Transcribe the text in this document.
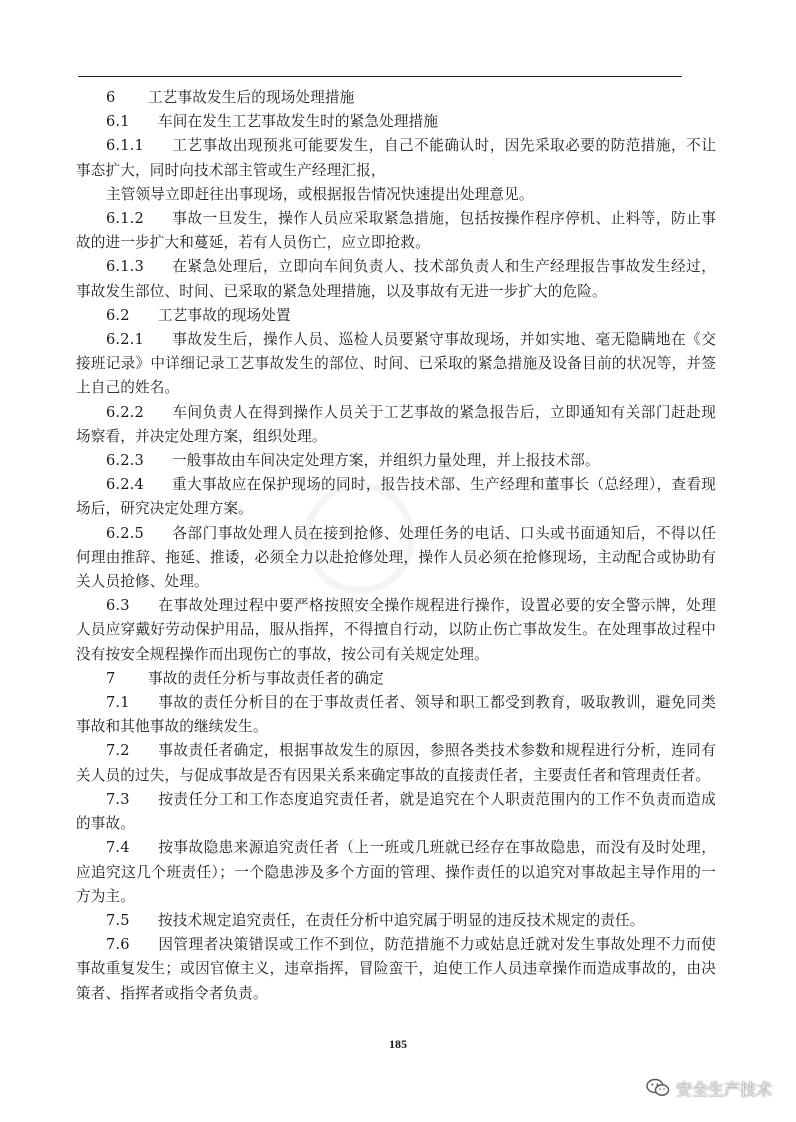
6 工艺事故发生后的现场处理措施

6.1 车间在发生工艺事故发生时的紧急处理措施

6.1.1 工艺事故出现预兆可能要发生，自己不能确认时，因先采取必要的防范措施，不让事态扩大，同时向技术部主管或生产经理汇报，

主管领导立即赶往出事现场，或根据报告情况快速提出处理意见。

6.1.2 事故一旦发生，操作人员应采取紧急措施，包括按操作程序停机、止料等，防止事故的进一步扩大和蔓延，若有人员伤亡，应立即抢救。

6.1.3 在紧急处理后，立即向车间负责人、技术部负责人和生产经理报告事故发生经过，事故发生部位、时间、已采取的紧急处理措施，以及事故有无进一步扩大的危险。

6.2 工艺事故的现场处置

6.2.1 事故发生后，操作人员、巡检人员要紧守事故现场，并如实地、毫无隐瞒地在《交接班记录》中详细记录工艺事故发生的部位、时间、已采取的紧急措施及设备目前的状况等，并签上自己的姓名。

6.2.2 车间负责人在得到操作人员关于工艺事故的紧急报告后，立即通知有关部门赶赴现场察看，并决定处理方案，组织处理。

6.2.3 一般事故由车间决定处理方案，并组织力量处理，并上报技术部。

6.2.4 重大事故应在保护现场的同时，报告技术部、生产经理和董事长（总经理），查看现场后，研究决定处理方案。

6.2.5 各部门事故处理人员在接到抢修、处理任务的电话、口头或书面通知后，不得以任何理由推辞、拖延、推诿，必须全力以赴抢修处理，操作人员必须在抢修现场，主动配合或协助有关人员抢修、处理。

6.3 在事故处理过程中要严格按照安全操作规程进行操作，设置必要的安全警示牌，处理人员应穿戴好劳动保护用品，服从指挥，不得擅自行动，以防止伤亡事故发生。在处理事故过程中没有按安全规程操作而出现伤亡的事故，按公司有关规定处理。

7 事故的责任分析与事故责任者的确定

7.1 事故的责任分析目的在于事故责任者、领导和职工都受到教育，吸取教训，避免同类事故和其他事故的继续发生。

7.2 事故责任者确定，根据事故发生的原因，参照各类技术参数和规程进行分析，连同有关人员的过失，与促成事故是否有因果关系来确定事故的直接责任者，主要责任者和管理责任者。

7.3 按责任分工和工作态度追究责任者，就是追究在个人职责范围内的工作不负责而造成的事故。

7.4 按事故隐患来源追究责任者（上一班或几班就已经存在事故隐患，而没有及时处理，应追究这几个班责任）；一个隐患涉及多个方面的管理、操作责任的以追究对事故起主导作用的一方为主。

7.5 按技术规定追究责任，在责任分析中追究属于明显的违反技术规定的责任。

7.6 因管理者决策错误或工作不到位，防范措施不力或姑息迁就对发生事故处理不力而使事故重复发生；或因官僚主义，违章指挥，冒险蛮干，迫使工作人员违章操作而造成事故的，由决策者、指挥者或指令者负责。

185
安全生产技术
